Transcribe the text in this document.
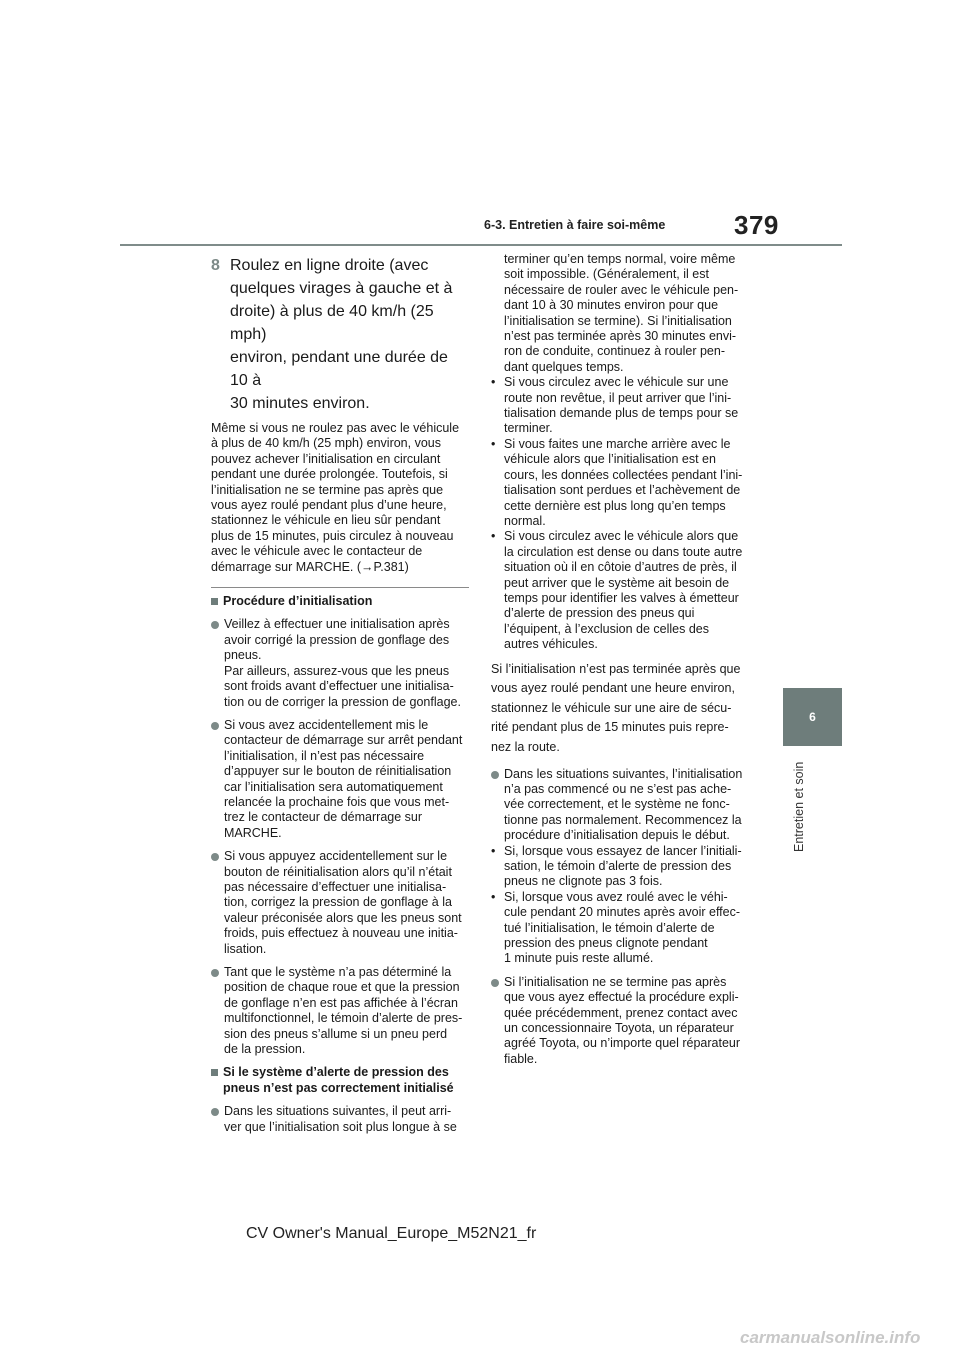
6-3. Entretien à faire soi-même	379
6
Entretien et soin
8 Roulez en ligne droite (avec
quelques virages à gauche et à
droite) à plus de 40 km/h (25 mph)
environ, pendant une durée de 10 à
30 minutes environ.
Même si vous ne roulez pas avec le véhicule
à plus de 40 km/h (25 mph) environ, vous
pouvez achever l’initialisation en circulant
pendant une durée prolongée. Toutefois, si
l’initialisation ne se termine pas après que
vous ayez roulé pendant plus d’une heure,
stationnez le véhicule en lieu sûr pendant
plus de 15 minutes, puis circulez à nouveau
avec le véhicule avec le contacteur de
démarrage sur MARCHE. (→P.381)
Procédure d’initialisation
Veillez à effectuer une initialisation après
avoir corrigé la pression de gonflage des
pneus.
Par ailleurs, assurez-vous que les pneus
sont froids avant d’effectuer une initialisa-
tion ou de corriger la pression de gonflage.
Si vous avez accidentellement mis le
contacteur de démarrage sur arrêt pendant
l’initialisation, il n’est pas nécessaire
d’appuyer sur le bouton de réinitialisation
car l’initialisation sera automatiquement
relancée la prochaine fois que vous met-
trez le contacteur de démarrage sur
MARCHE.
Si vous appuyez accidentellement sur le
bouton de réinitialisation alors qu’il n’était
pas nécessaire d’effectuer une initialisa-
tion, corrigez la pression de gonflage à la
valeur préconisée alors que les pneus sont
froids, puis effectuez à nouveau une initia-
lisation.
Tant que le système n’a pas déterminé la
position de chaque roue et que la pression
de gonflage n’en est pas affichée à l’écran
multifonctionnel, le témoin d’alerte de pres-
sion des pneus s’allume si un pneu perd
de la pression.
Si le système d’alerte de pression des
pneus n’est pas correctement initialisé
Dans les situations suivantes, il peut arri-
ver que l’initialisation soit plus longue à se
terminer qu’en temps normal, voire même
soit impossible. (Généralement, il est
nécessaire de rouler avec le véhicule pen-
dant 10 à 30 minutes environ pour que
l’initialisation se termine). Si l’initialisation
n’est pas terminée après 30 minutes envi-
ron de conduite, continuez à rouler pen-
dant quelques temps.
• Si vous circulez avec le véhicule sur une
route non revêtue, il peut arriver que l’ini-
tialisation demande plus de temps pour se
terminer.
• Si vous faites une marche arrière avec le
véhicule alors que l’initialisation est en
cours, les données collectées pendant l’ini-
tialisation sont perdues et l’achèvement de
cette dernière est plus long qu’en temps
normal.
• Si vous circulez avec le véhicule alors que
la circulation est dense ou dans toute autre
situation où il en côtoie d’autres de près, il
peut arriver que le système ait besoin de
temps pour identifier les valves à émetteur
d’alerte de pression des pneus qui
l’équipent, à l’exclusion de celles des
autres véhicules.
Si l’initialisation n’est pas terminée après que
vous ayez roulé pendant une heure environ,
stationnez le véhicule sur une aire de sécu-
rité pendant plus de 15 minutes puis repre-
nez la route.
Dans les situations suivantes, l’initialisation
n’a pas commencé ou ne s’est pas ache-
vée correctement, et le système ne fonc-
tionne pas normalement. Recommencez la
procédure d’initialisation depuis le début.
• Si, lorsque vous essayez de lancer l’initiali-
sation, le témoin d’alerte de pression des
pneus ne clignote pas 3 fois.
• Si, lorsque vous avez roulé avec le véhi-
cule pendant 20 minutes après avoir effec-
tué l’initialisation, le témoin d’alerte de
pression des pneus clignote pendant
1 minute puis reste allumé.
Si l’initialisation ne se termine pas après
que vous ayez effectué la procédure expli-
quée précédemment, prenez contact avec
un concessionnaire Toyota, un réparateur
agréé Toyota, ou n’importe quel réparateur
fiable.
CV Owner's Manual_Europe_M52N21_fr
carmanualsonline.info
